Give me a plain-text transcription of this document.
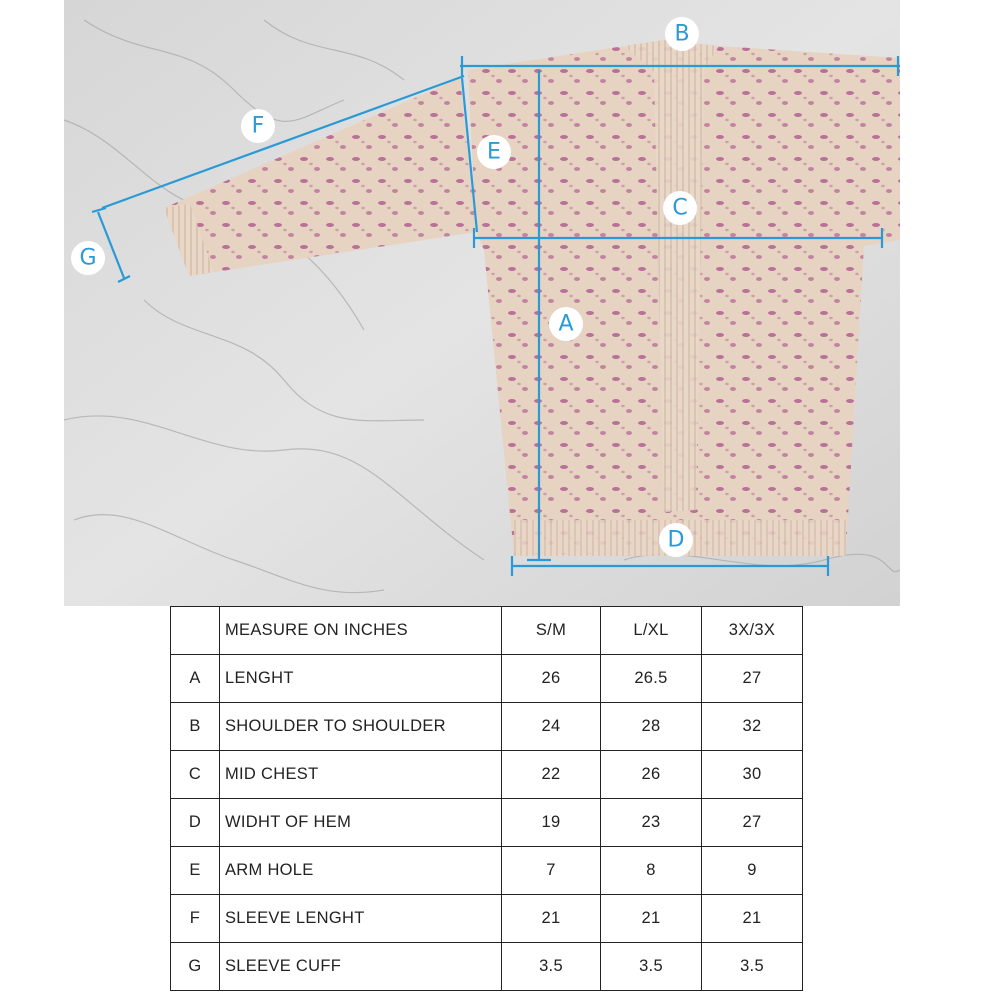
B
F
E
C
G
A
D
	MEASURE ON INCHES	S/M	L/XL	3X/3X
A	LENGHT	26	26.5	27
B	SHOULDER TO SHOULDER	24	28	32
C	MID CHEST	22	26	30
D	WIDHT OF HEM	19	23	27
E	ARM HOLE	7	8	9
F	SLEEVE LENGHT	21	21	21
G	SLEEVE CUFF	3.5	3.5	3.5
